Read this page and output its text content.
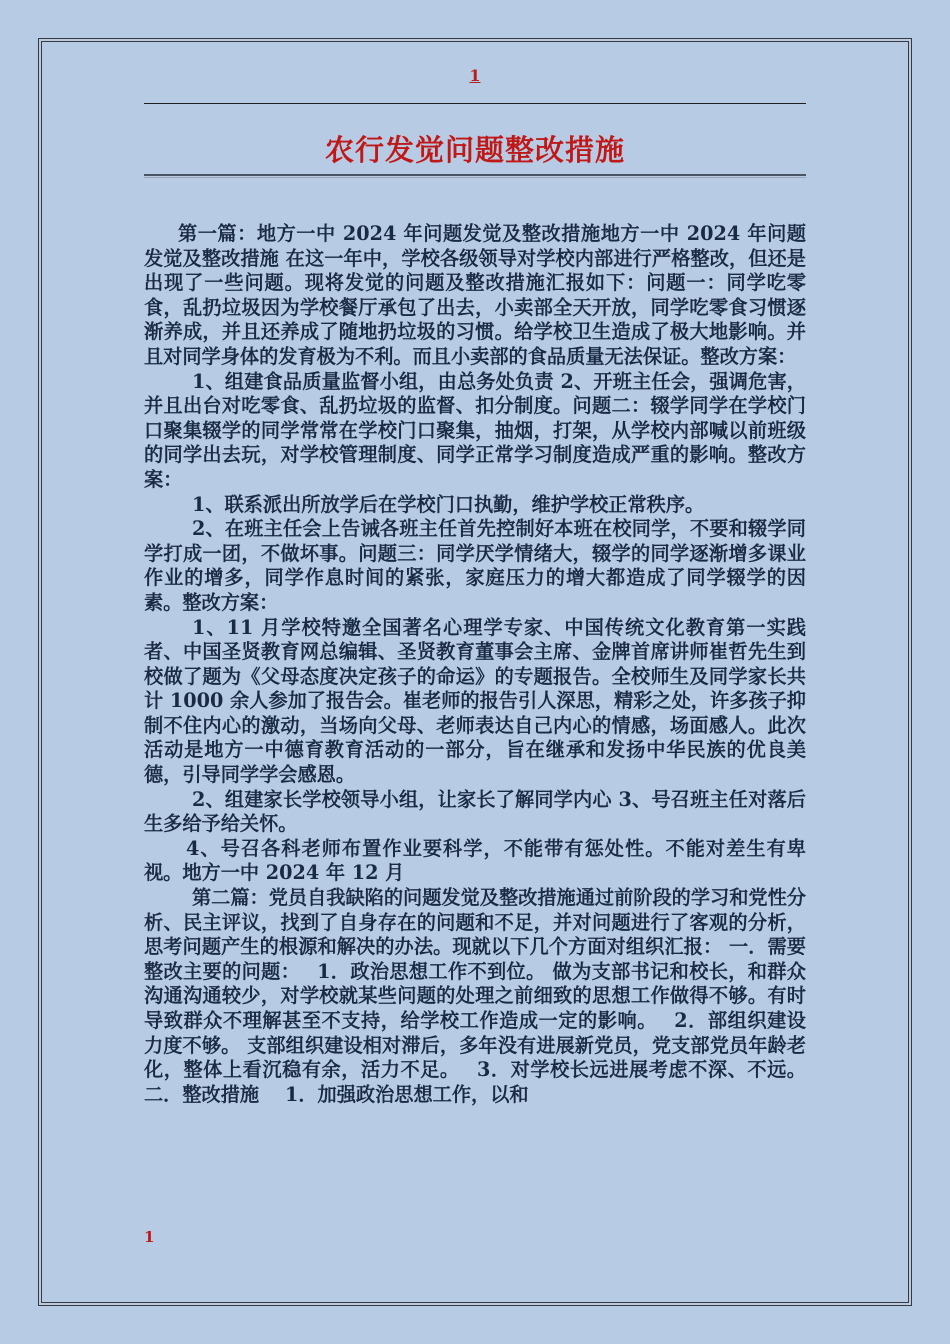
1
农行发觉问题整改措施

第一篇：地方一中 2024 年问题发觉及整改措施地方一中 2024 年问题发觉及整改措施 在这一年中，学校各级领导对学校内部进行严格整改，但还是出现了一些问题。现将发觉的问题及整改措施汇报如下：问题一：同学吃零食，乱扔垃圾因为学校餐厅承包了出去，小卖部全天开放，同学吃零食习惯逐渐养成，并且还养成了随地扔垃圾的习惯。给学校卫生造成了极大地影响。并且对同学身体的发育极为不利。而且小卖部的食品质量无法保证。整改方案：

1、组建食品质量监督小组，由总务处负责 2、开班主任会，强调危害，并且出台对吃零食、乱扔垃圾的监督、扣分制度。问题二：辍学同学在学校门口聚集辍学的同学常常在学校门口聚集，抽烟，打架，从学校内部喊以前班级的同学出去玩，对学校管理制度、同学正常学习制度造成严重的影响。整改方案：

1、联系派出所放学后在学校门口执勤，维护学校正常秩序。

2、在班主任会上告诫各班主任首先控制好本班在校同学，不要和辍学同学打成一团，不做坏事。问题三：同学厌学情绪大，辍学的同学逐渐增多课业作业的增多，同学作息时间的紧张，家庭压力的增大都造成了同学辍学的因素。整改方案：

1、11 月学校特邀全国著名心理学专家、中国传统文化教育第一实践者、中国圣贤教育网总编辑、圣贤教育董事会主席、金牌首席讲师崔哲先生到校做了题为《父母态度决定孩子的命运》的专题报告。全校师生及同学家长共计 1000 余人参加了报告会。崔老师的报告引人深思，精彩之处，许多孩子抑制不住内心的激动，当场向父母、老师表达自己内心的情感，场面感人。此次活动是地方一中德育教育活动的一部分，旨在继承和发扬中华民族的优良美德，引导同学学会感恩。

2、组建家长学校领导小组，让家长了解同学内心 3、号召班主任对落后生多给予给关怀。

4、号召各科老师布置作业要科学，不能带有惩处性。不能对差生有卑视。地方一中 2024 年 12 月

第二篇：党员自我缺陷的问题发觉及整改措施通过前阶段的学习和党性分析、民主评议，找到了自身存在的问题和不足，并对问题进行了客观的分析，思考问题产生的根源和解决的办法。现就以下几个方面对组织汇报： 一．需要整改主要的问题：　 1．政治思想工作不到位。 做为支部书记和校长，和群众沟通沟通较少，对学校就某些问题的处理之前细致的思想工作做得不够。有时导致群众不理解甚至不支持，给学校工作造成一定的影响。　 2．部组织建设力度不够。 支部组织建设相对滞后，多年没有进展新党员，党支部党员年龄老化，整体上看沉稳有余，活力不足。　 3．对学校长远进展考虑不深、不远。 二．整改措施　 1．加强政治思想工作，以和

1
